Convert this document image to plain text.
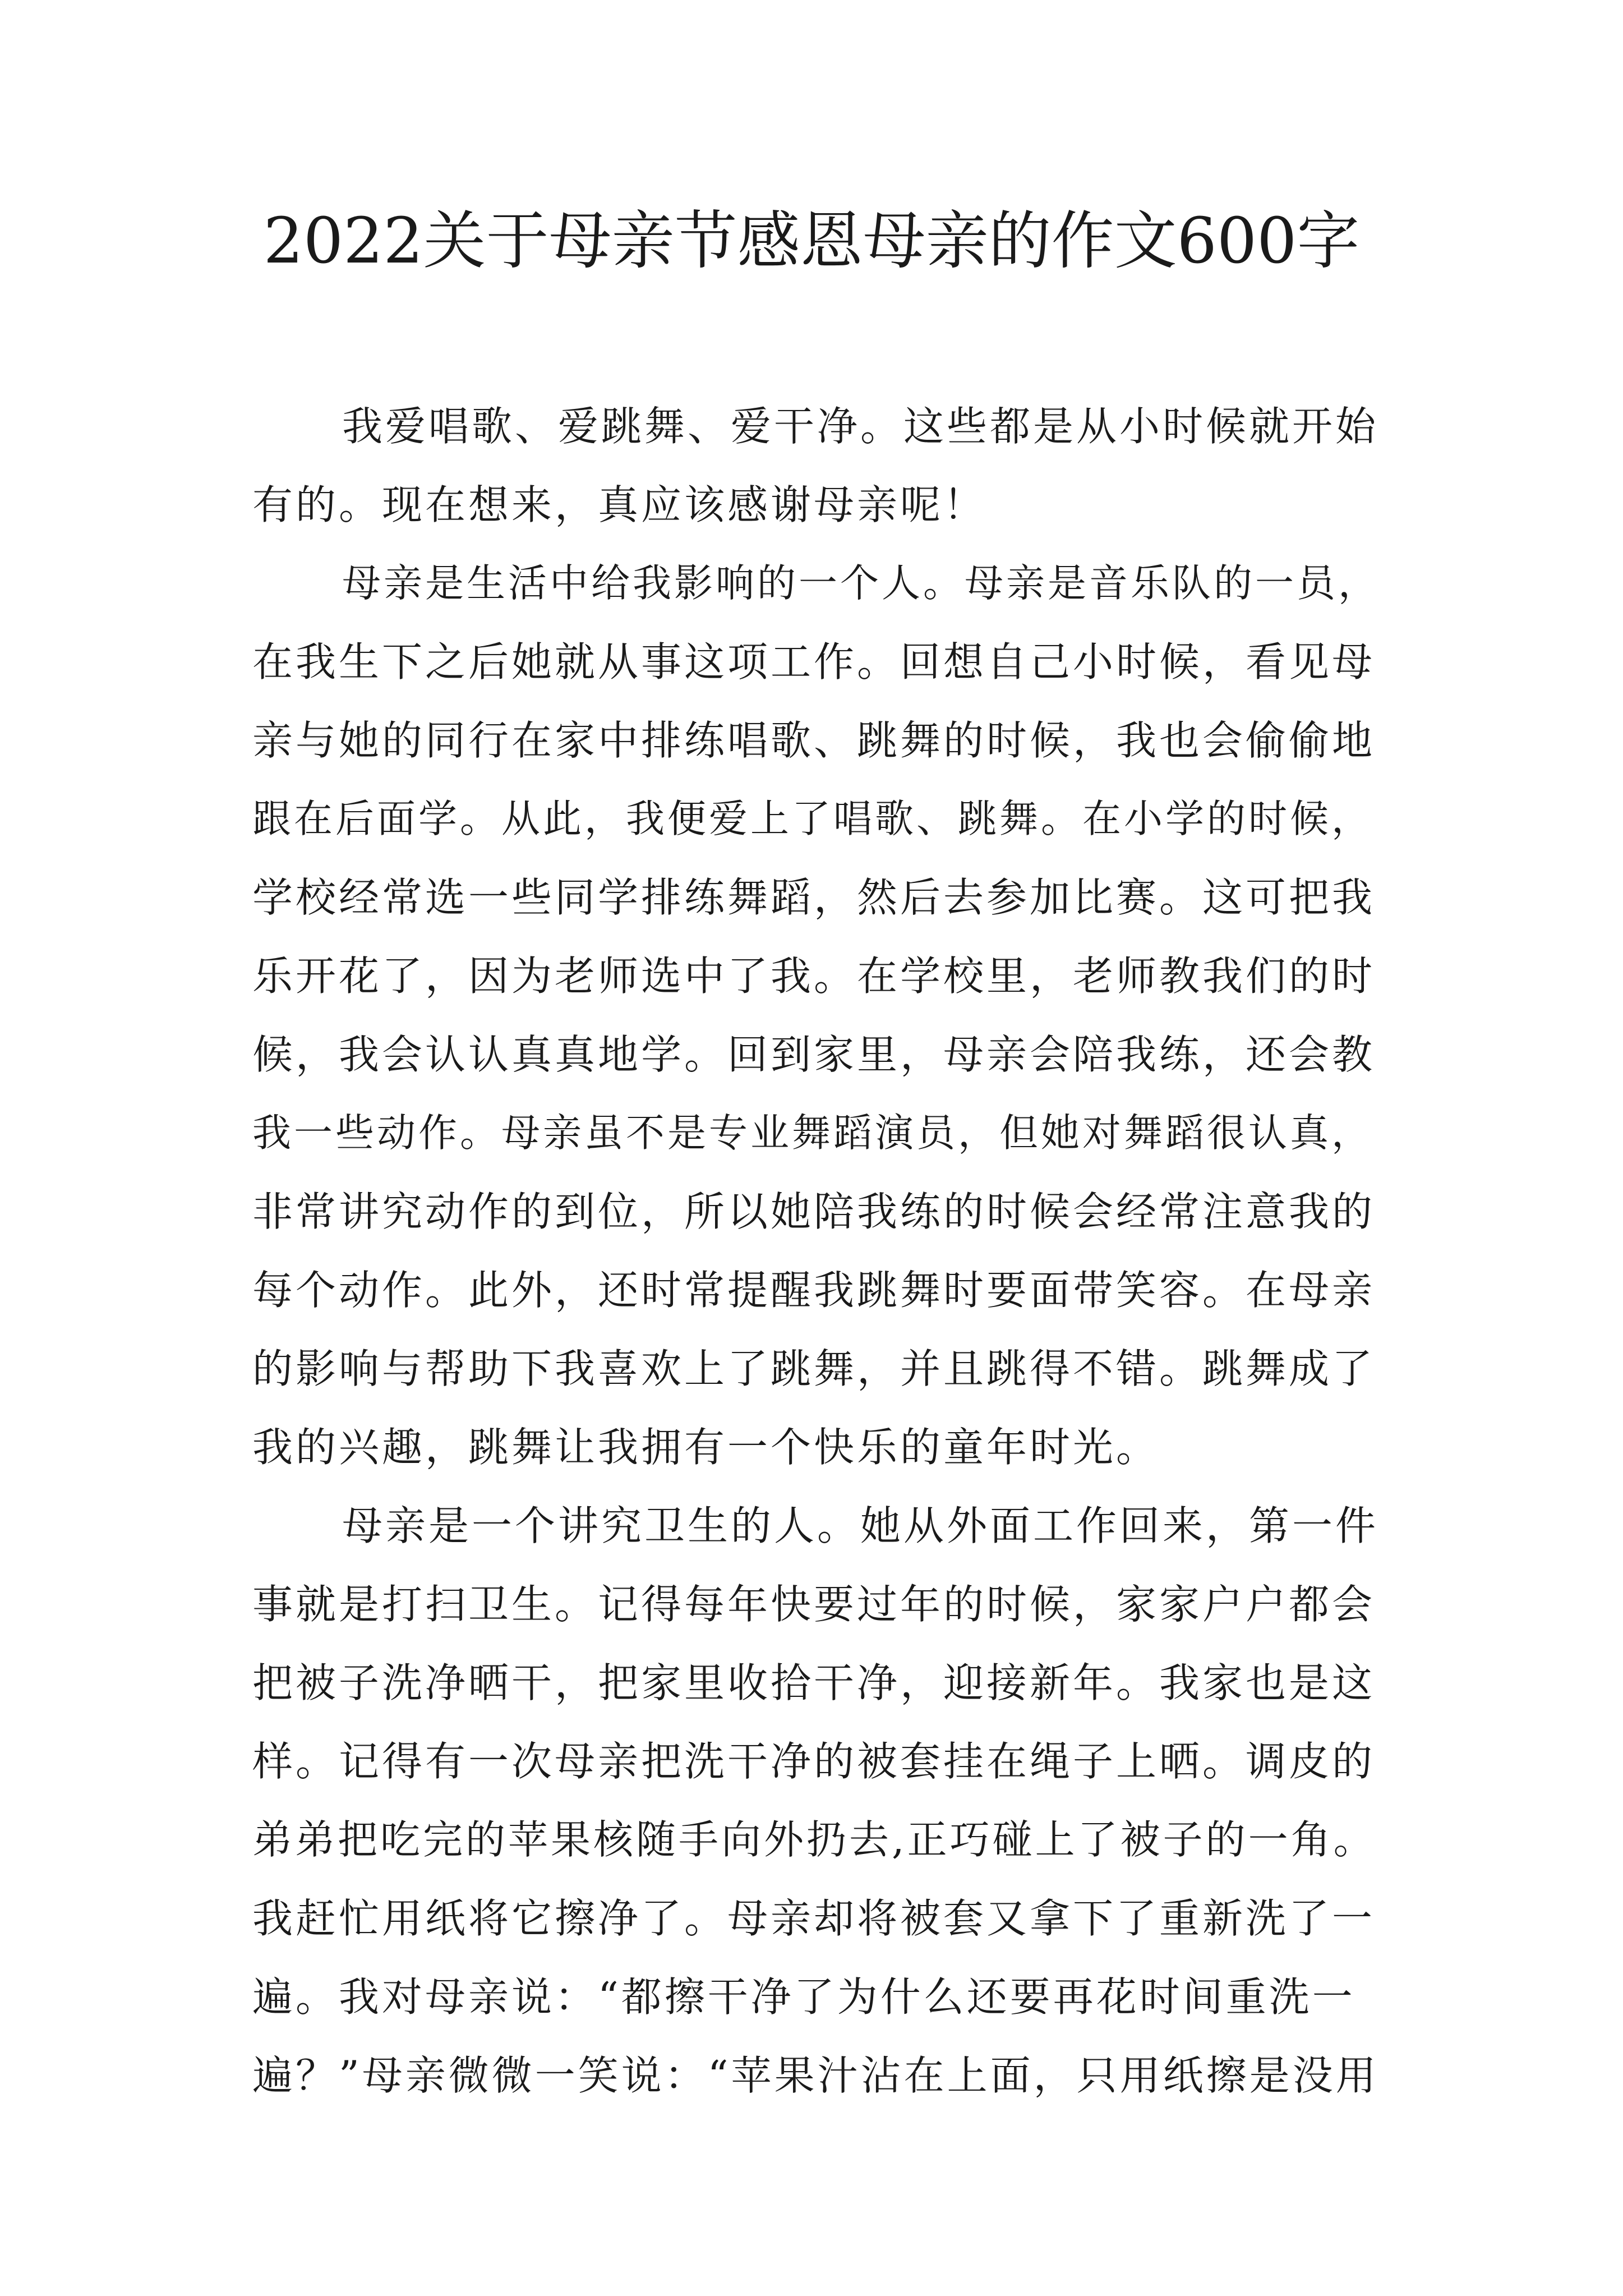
2022关于母亲节感恩母亲的作文600字
我爱唱歌、爱跳舞、爱干净。这些都是从小时候就开始
有的。现在想来，真应该感谢母亲呢！
母亲是生活中给我影响的一个人。母亲是音乐队的一员，
在我生下之后她就从事这项工作。回想自己小时候，看见母
亲与她的同行在家中排练唱歌、跳舞的时候，我也会偷偷地
跟在后面学。从此，我便爱上了唱歌、跳舞。在小学的时候，
学校经常选一些同学排练舞蹈，然后去参加比赛。这可把我
乐开花了，因为老师选中了我。在学校里，老师教我们的时
候，我会认认真真地学。回到家里，母亲会陪我练，还会教
我一些动作。母亲虽不是专业舞蹈演员，但她对舞蹈很认真，
非常讲究动作的到位，所以她陪我练的时候会经常注意我的
每个动作。此外，还时常提醒我跳舞时要面带笑容。在母亲
的影响与帮助下我喜欢上了跳舞，并且跳得不错。跳舞成了
我的兴趣，跳舞让我拥有一个快乐的童年时光。
母亲是一个讲究卫生的人。她从外面工作回来，第一件
事就是打扫卫生。记得每年快要过年的时候，家家户户都会
把被子洗净晒干，把家里收拾干净，迎接新年。我家也是这
样。记得有一次母亲把洗干净的被套挂在绳子上晒。调皮的
弟弟把吃完的苹果核随手向外扔去,正巧碰上了被子的一角。
我赶忙用纸将它擦净了。母亲却将被套又拿下了重新洗了一
遍。我对母亲说：“都擦干净了为什么还要再花时间重洗一
遍？”母亲微微一笑说：“苹果汁沾在上面，只用纸擦是没用
